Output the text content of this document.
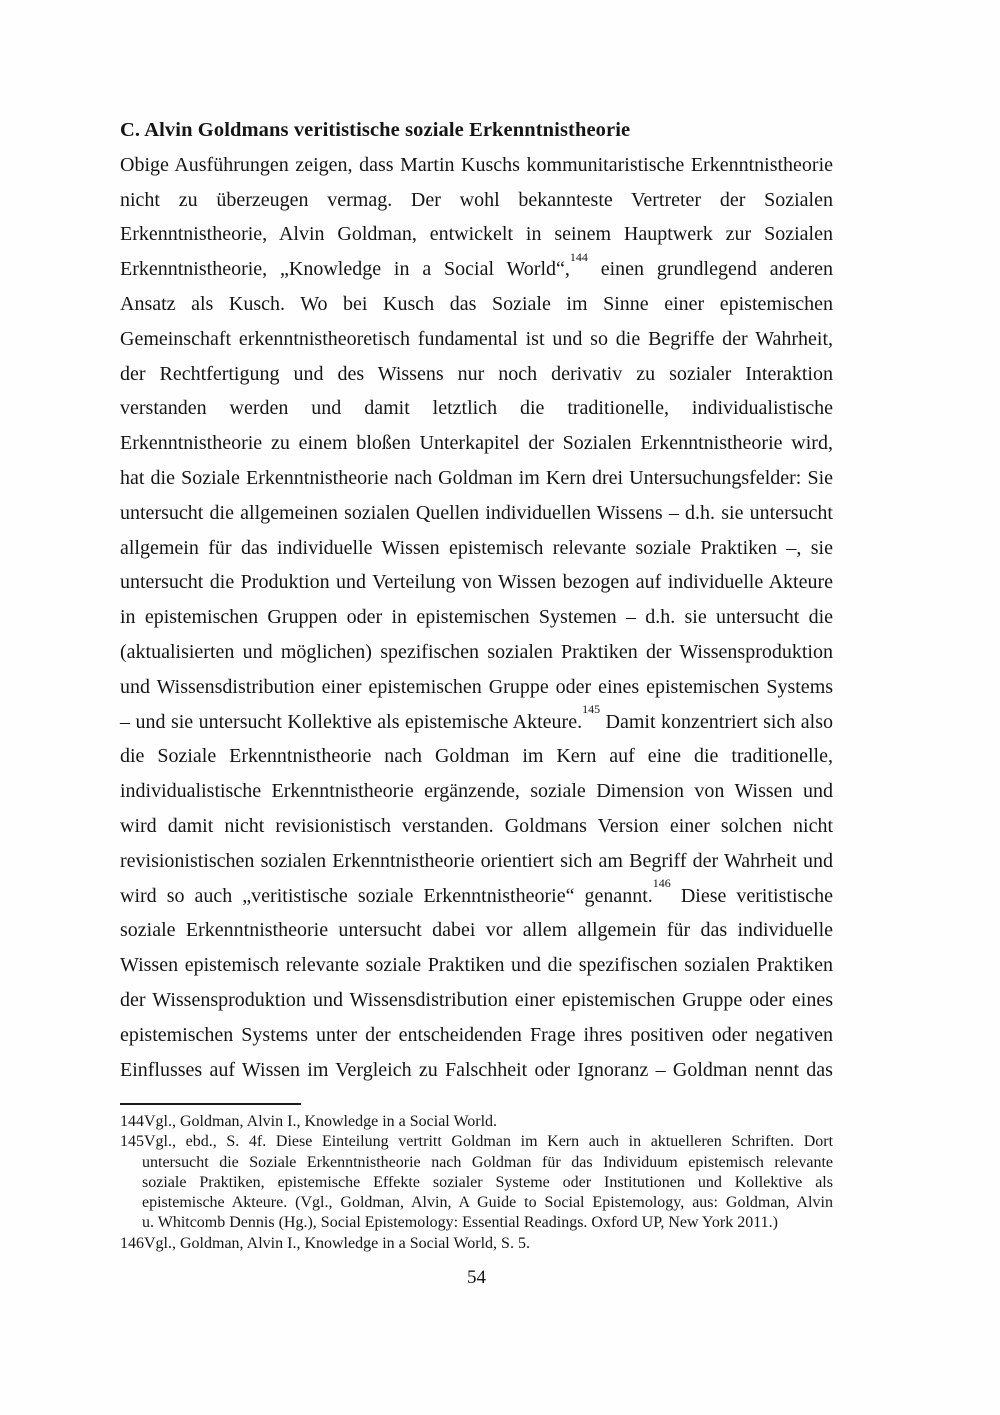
C. Alvin Goldmans veritistische soziale Erkenntnistheorie
Obige Ausführungen zeigen, dass Martin Kuschs kommunitaristische Erkenntnistheorie
nicht zu überzeugen vermag. Der wohl bekannteste Vertreter der Sozialen
Erkenntnistheorie, Alvin Goldman, entwickelt in seinem Hauptwerk zur Sozialen
Erkenntnistheorie, „Knowledge in a Social World“,$^{144}$ einen grundlegend anderen
Ansatz als Kusch. Wo bei Kusch das Soziale im Sinne einer epistemischen
Gemeinschaft erkenntnistheoretisch fundamental ist und so die Begriffe der Wahrheit,
der Rechtfertigung und des Wissens nur noch derivativ zu sozialer Interaktion
verstanden werden und damit letztlich die traditionelle, individualistische
Erkenntnistheorie zu einem bloßen Unterkapitel der Sozialen Erkenntnistheorie wird,
hat die Soziale Erkenntnistheorie nach Goldman im Kern drei Untersuchungsfelder: Sie
untersucht die allgemeinen sozialen Quellen individuellen Wissens – d.h. sie untersucht
allgemein für das individuelle Wissen epistemisch relevante soziale Praktiken –, sie
untersucht die Produktion und Verteilung von Wissen bezogen auf individuelle Akteure
in epistemischen Gruppen oder in epistemischen Systemen – d.h. sie untersucht die
(aktualisierten und möglichen) spezifischen sozialen Praktiken der Wissensproduktion
und Wissensdistribution einer epistemischen Gruppe oder eines epistemischen Systems
– und sie untersucht Kollektive als epistemische Akteure.$^{145}$ Damit konzentriert sich also
die Soziale Erkenntnistheorie nach Goldman im Kern auf eine die traditionelle,
individualistische Erkenntnistheorie ergänzende, soziale Dimension von Wissen und
wird damit nicht revisionistisch verstanden. Goldmans Version einer solchen nicht
revisionistischen sozialen Erkenntnistheorie orientiert sich am Begriff der Wahrheit und
wird so auch „veritistische soziale Erkenntnistheorie“ genannt.$^{146}$ Diese veritistische
soziale Erkenntnistheorie untersucht dabei vor allem allgemein für das individuelle
Wissen epistemisch relevante soziale Praktiken und die spezifischen sozialen Praktiken
der Wissensproduktion und Wissensdistribution einer epistemischen Gruppe oder eines
epistemischen Systems unter der entscheidenden Frage ihres positiven oder negativen
Einflusses auf Wissen im Vergleich zu Falschheit oder Ignoranz – Goldman nennt das
144Vgl., Goldman, Alvin I., Knowledge in a Social World.
145Vgl., ebd., S. 4f. Diese Einteilung vertritt Goldman im Kern auch in aktuelleren Schriften. Dort
untersucht die Soziale Erkenntnistheorie nach Goldman für das Individuum epistemisch relevante
soziale Praktiken, epistemische Effekte sozialer Systeme oder Institutionen und Kollektive als
epistemische Akteure. (Vgl., Goldman, Alvin, A Guide to Social Epistemology, aus: Goldman, Alvin
u. Whitcomb Dennis (Hg.), Social Epistemology: Essential Readings. Oxford UP, New York 2011.)
146Vgl., Goldman, Alvin I., Knowledge in a Social World, S. 5.
54
